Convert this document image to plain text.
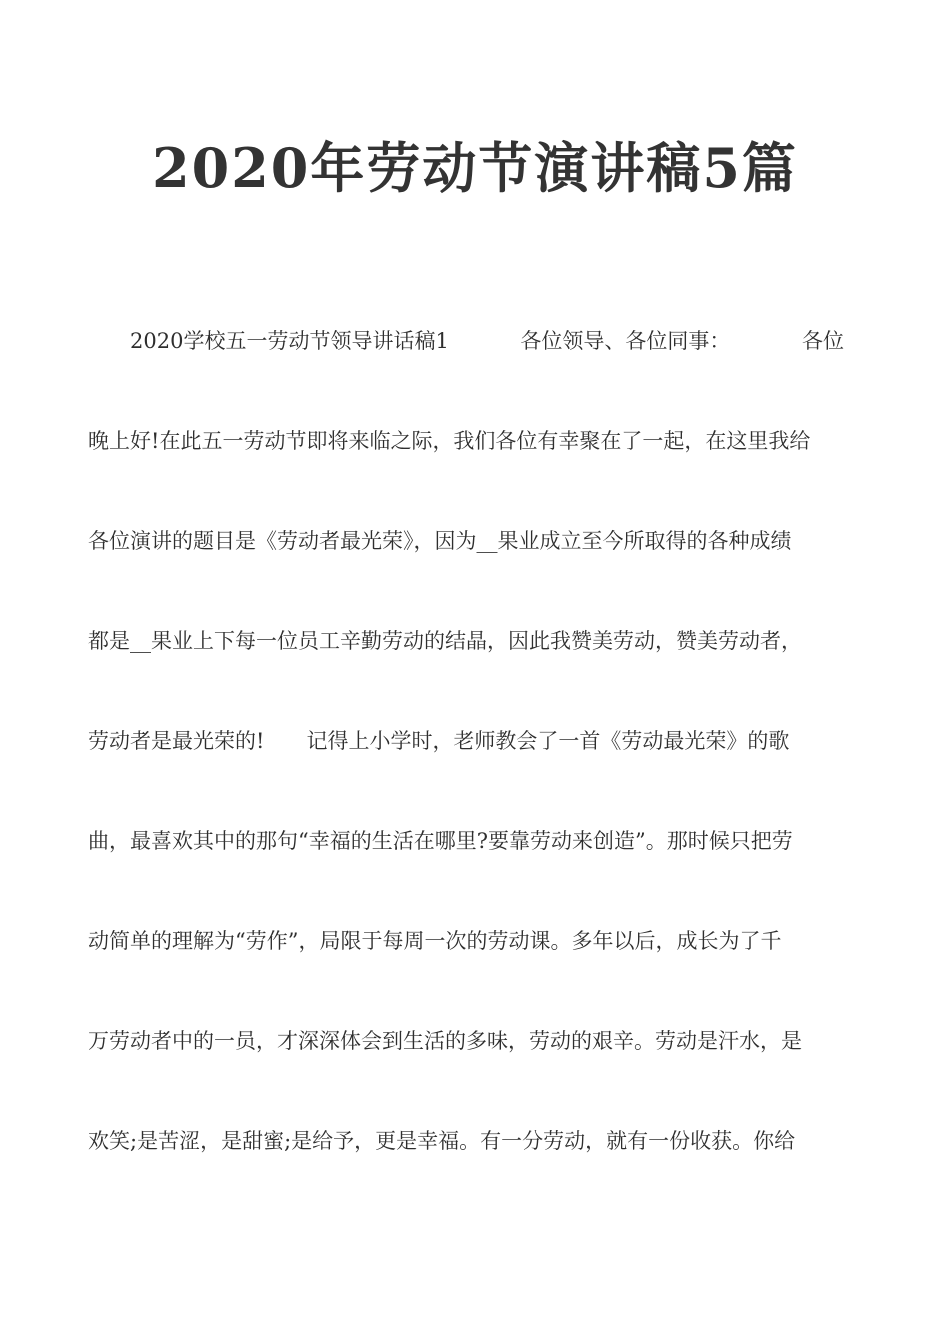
2020年劳动节演讲稿5篇
2020学校五一劳动节领导讲话稿1	各位领导、各位同事：	各位
晚上好!在此五一劳动节即将来临之际，我们各位有幸聚在了一起，在这里我给
各位演讲的题目是《劳动者最光荣》，因为__果业成立至今所取得的各种成绩
都是__果业上下每一位员工辛勤劳动的结晶，因此我赞美劳动，赞美劳动者，
劳动者是最光荣的!　　记得上小学时，老师教会了一首《劳动最光荣》的歌
曲，最喜欢其中的那句“幸福的生活在哪里?要靠劳动来创造”。那时候只把劳
动简单的理解为“劳作”，局限于每周一次的劳动课。多年以后，成长为了千
万劳动者中的一员，才深深体会到生活的多味，劳动的艰辛。劳动是汗水，是
欢笑;是苦涩，是甜蜜;是给予，更是幸福。有一分劳动，就有一份收获。你给
